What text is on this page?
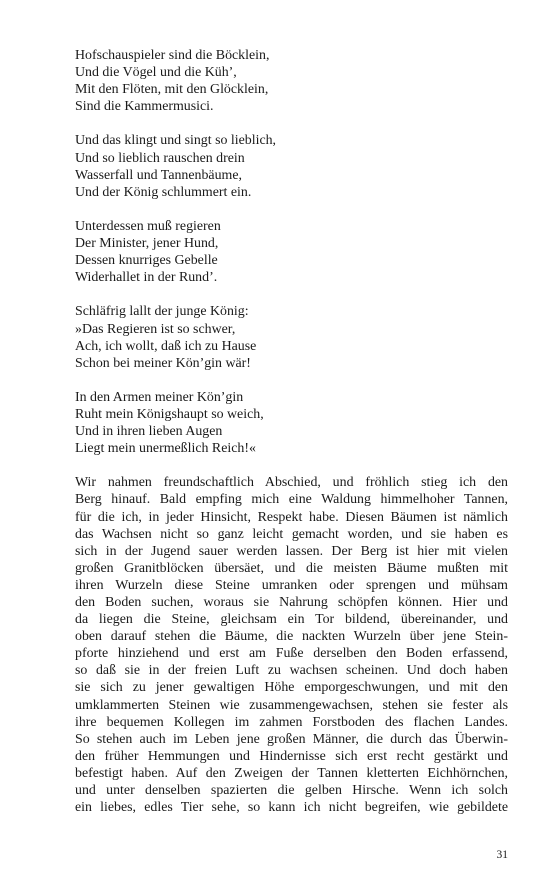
Hofschauspieler sind die Böcklein,
Und die Vögel und die Küh’,
Mit den Flöten, mit den Glöcklein,
Sind die Kammermusici.
Und das klingt und singt so lieblich,
Und so lieblich rauschen drein
Wasserfall und Tannenbäume,
Und der König schlummert ein.
Unterdessen muß regieren
Der Minister, jener Hund,
Dessen knurriges Gebelle
Widerhallet in der Rund’.
Schläfrig lallt der junge König:
»Das Regieren ist so schwer,
Ach, ich wollt, daß ich zu Hause
Schon bei meiner Kön’gin wär!
In den Armen meiner Kön’gin
Ruht mein Königshaupt so weich,
Und in ihren lieben Augen
Liegt mein unermeßlich Reich!«
Wir nahmen freundschaftlich Abschied, und fröhlich stieg ich den
Berg hinauf. Bald empfing mich eine Waldung himmelhoher Tannen,
für die ich, in jeder Hinsicht, Respekt habe. Diesen Bäumen ist nämlich
das Wachsen nicht so ganz leicht gemacht worden, und sie haben es
sich in der Jugend sauer werden lassen. Der Berg ist hier mit vielen
großen Granitblöcken übersäet, und die meisten Bäume mußten mit
ihren Wurzeln diese Steine umranken oder sprengen und mühsam
den Boden suchen, woraus sie Nahrung schöpfen können. Hier und
da liegen die Steine, gleichsam ein Tor bildend, übereinander, und
oben darauf stehen die Bäume, die nackten Wurzeln über jene Stein-
pforte hinziehend und erst am Fuße derselben den Boden erfassend,
so daß sie in der freien Luft zu wachsen scheinen. Und doch haben
sie sich zu jener gewaltigen Höhe emporgeschwungen, und mit den
umklammerten Steinen wie zusammengewachsen, stehen sie fester als
ihre bequemen Kollegen im zahmen Forstboden des flachen Landes.
So stehen auch im Leben jene großen Männer, die durch das Überwin-
den früher Hemmungen und Hindernisse sich erst recht gestärkt und
befestigt haben. Auf den Zweigen der Tannen kletterten Eichhörnchen,
und unter denselben spazierten die gelben Hirsche. Wenn ich solch
ein liebes, edles Tier sehe, so kann ich nicht begreifen, wie gebildete
31
